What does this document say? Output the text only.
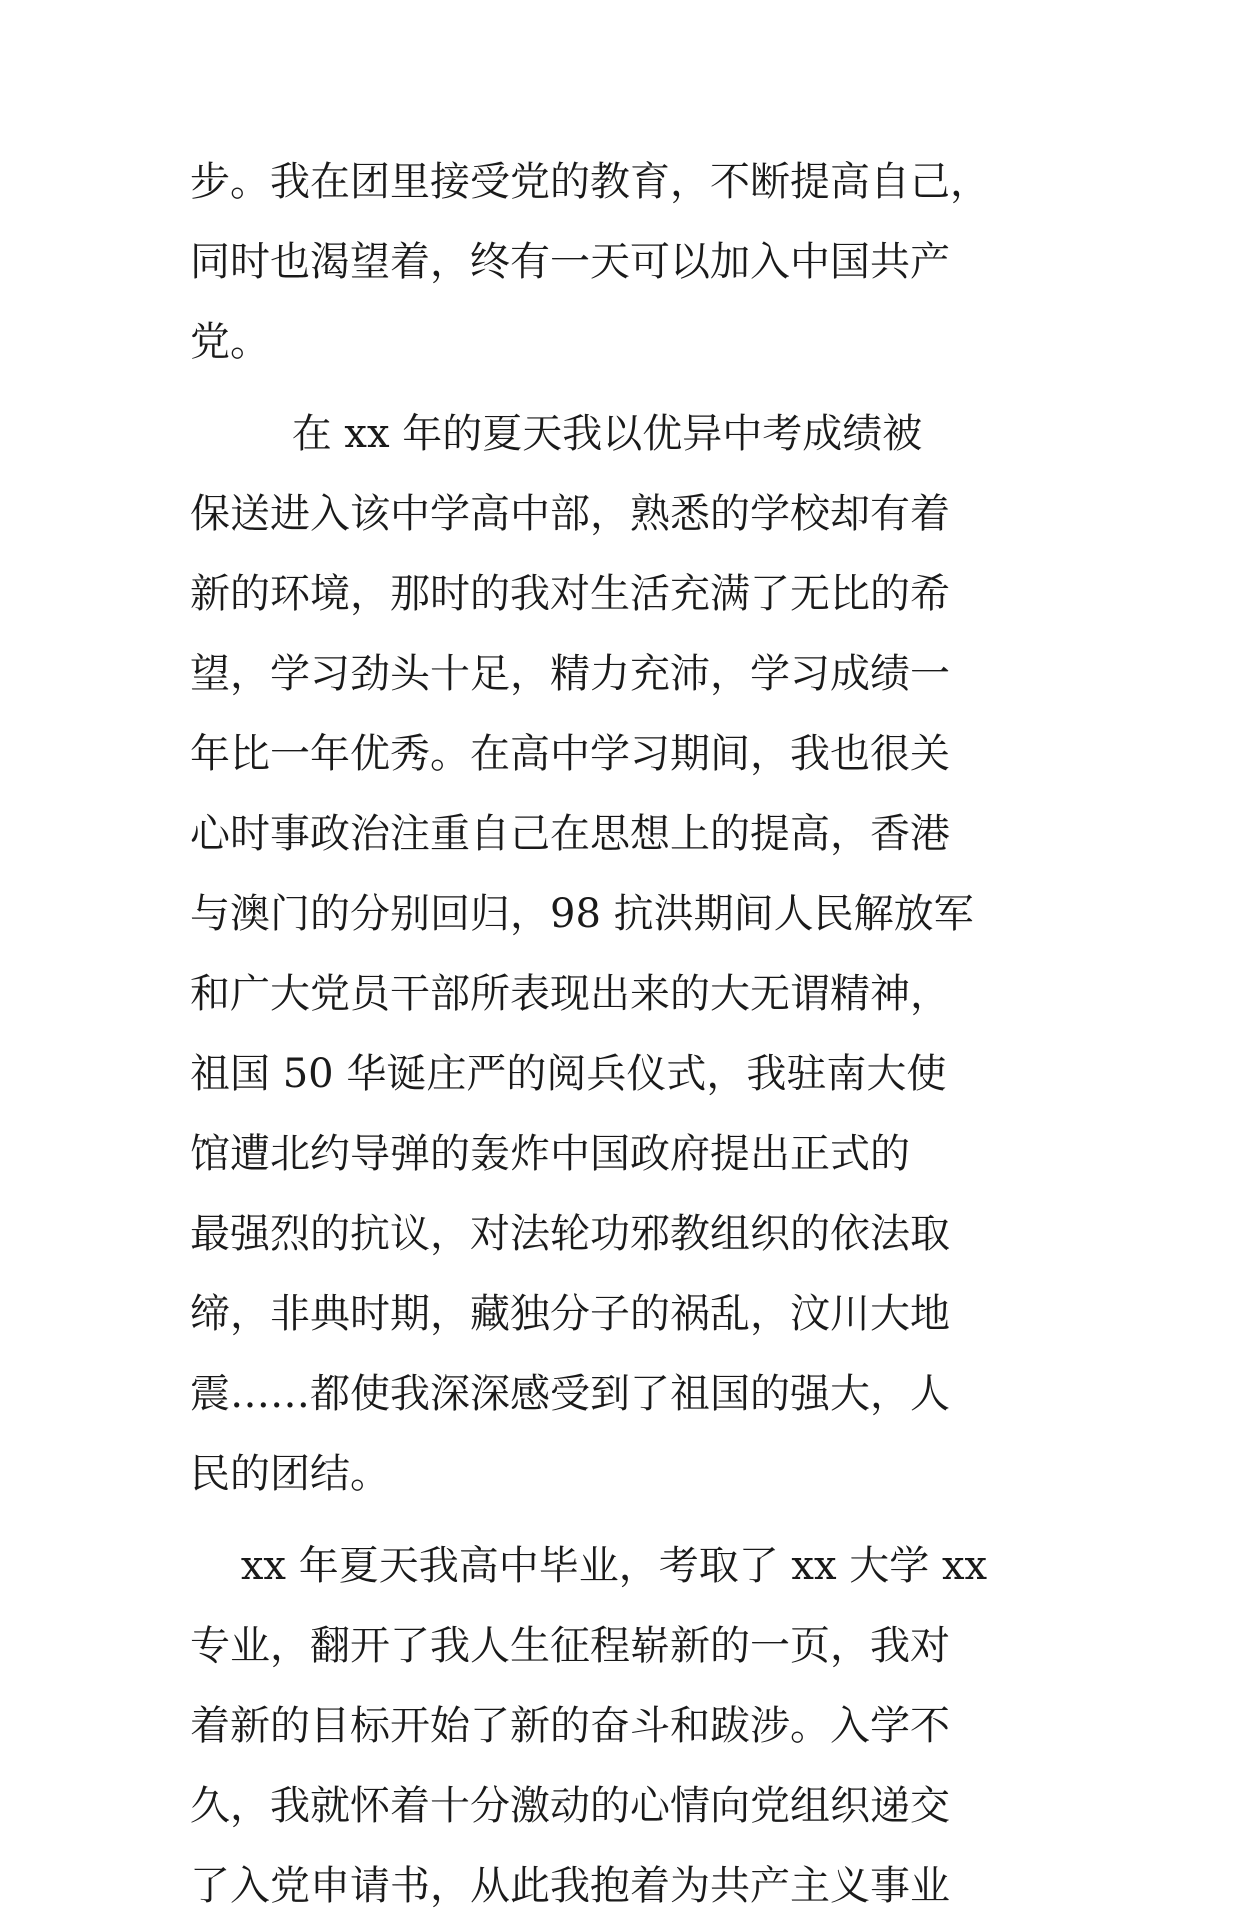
步。我在团里接受党的教育，不断提高自己，
同时也渴望着，终有一天可以加入中国共产
党。
在 xx 年的夏天我以优异中考成绩被
保送进入该中学高中部，熟悉的学校却有着
新的环境，那时的我对生活充满了无比的希
望，学习劲头十足，精力充沛，学习成绩一
年比一年优秀。在高中学习期间，我也很关
心时事政治注重自己在思想上的提高，香港
与澳门的分别回归，98 抗洪期间人民解放军
和广大党员干部所表现出来的大无谓精神，
祖国 50 华诞庄严的阅兵仪式，我驻南大使
馆遭北约导弹的轰炸中国政府提出正式的
最强烈的抗议，对法轮功邪教组织的依法取
缔，非典时期，藏独分子的祸乱，汶川大地
震……都使我深深感受到了祖国的强大，人
民的团结。
xx 年夏天我高中毕业，考取了 xx 大学 xx
专业，翻开了我人生征程崭新的一页，我对
着新的目标开始了新的奋斗和跋涉。入学不
久，我就怀着十分激动的心情向党组织递交
了入党申请书，从此我抱着为共产主义事业
